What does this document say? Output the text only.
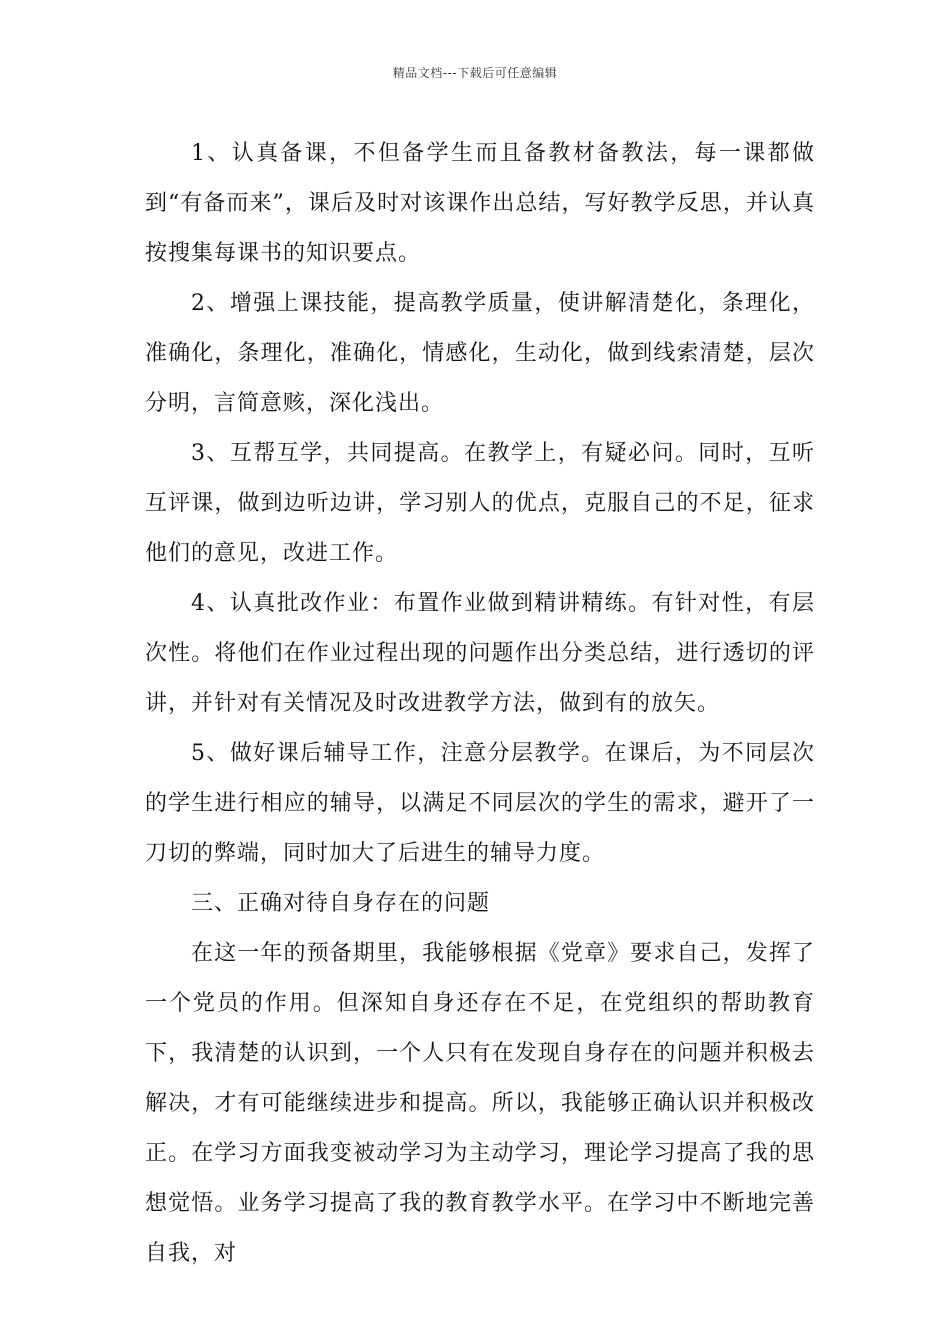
精品文档---下载后可任意编辑

1、认真备课，不但备学生而且备教材备教法，每一课都做到“有备而来”，课后及时对该课作出总结，写好教学反思，并认真按搜集每课书的知识要点。

2、增强上课技能，提高教学质量，使讲解清楚化，条理化，准确化，条理化，准确化，情感化，生动化，做到线索清楚，层次分明，言简意赅，深化浅出。

3、互帮互学，共同提高。在教学上，有疑必问。同时，互听互评课，做到边听边讲，学习别人的优点，克服自己的不足，征求他们的意见，改进工作。

4、认真批改作业：布置作业做到精讲精练。有针对性，有层次性。将他们在作业过程出现的问题作出分类总结，进行透切的评讲，并针对有关情况及时改进教学方法，做到有的放矢。

5、做好课后辅导工作，注意分层教学。在课后，为不同层次的学生进行相应的辅导，以满足不同层次的学生的需求，避开了一刀切的弊端，同时加大了后进生的辅导力度。

三、正确对待自身存在的问题

在这一年的预备期里，我能够根据《党章》要求自己，发挥了一个党员的作用。但深知自身还存在不足，在党组织的帮助教育下，我清楚的认识到，一个人只有在发现自身存在的问题并积极去解决，才有可能继续进步和提高。所以，我能够正确认识并积极改正。在学习方面我变被动学习为主动学习，理论学习提高了我的思想觉悟。业务学习提高了我的教育教学水平。在学习中不断地完善自我，对
